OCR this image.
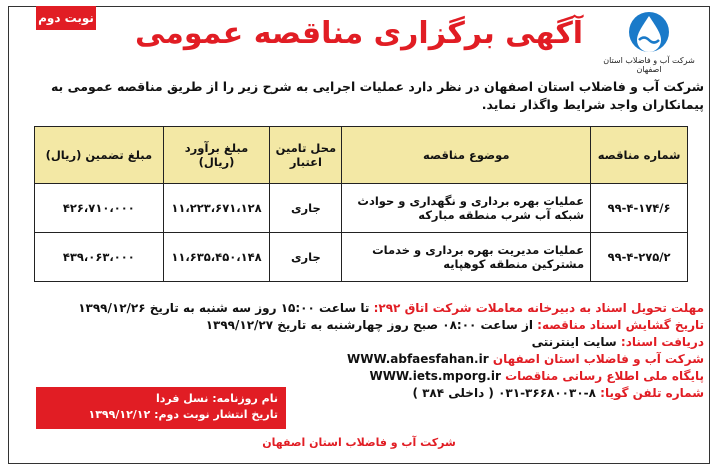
نوبت دوم
شرکت آب و فاضلاب استان اصفهان
آگهی برگزاری مناقصه عمومی
شرکت آب و فاضلاب استان اصفهان در نظر دارد عملیات اجرایی به شرح زیر را از طریق مناقصه عمومی به پیمانکاران واجد شرایط واگذار نماید.
شماره مناقصه	موضوع مناقصه	محل تامین اعتبار	مبلغ برآورد (ریال)	مبلغ تضمین (ریال)
۹۹-۴-۱۷۴/۶	عملیات بهره برداری و نگهداری و حوادث شبکه آب شرب منطقه مبارکه	جاری	۱۱،۲۲۳،۶۷۱،۱۲۸	۴۲۶،۷۱۰،۰۰۰
۹۹-۴-۲۷۵/۲	عملیات مدیریت بهره برداری و خدمات مشترکین منطقه کوهپایه	جاری	۱۱،۶۳۵،۴۵۰،۱۴۸	۴۳۹،۰۶۳،۰۰۰
مهلت تحویل اسناد به دبیرخانه معاملات شرکت اتاق ۲۹۲: تا ساعت ۱۵:۰۰ روز سه شنبه به تاریخ ۱۳۹۹/۱۲/۲۶
تاریخ گشایش اسناد مناقصه: از ساعت ۰۸:۰۰ صبح روز چهارشنبه به تاریخ ۱۳۹۹/۱۲/۲۷
دریافت اسناد: سایت اینترنتی
شرکت آب و فاضلاب استان اصفهان WWW.abfaesfahan.ir
پایگاه ملی اطلاع رسانی مناقصات WWW.iets.mporg.ir
شماره تلفن گویا: ۸-۳۶۶۸۰۰۳۰-۰۳۱ ( داخلی ۳۸۴ )
نام روزنامه: نسل فردا
تاریخ انتشار نوبت دوم: ۱۳۹۹/۱۲/۱۲
شرکت آب و فاضلاب استان اصفهان
